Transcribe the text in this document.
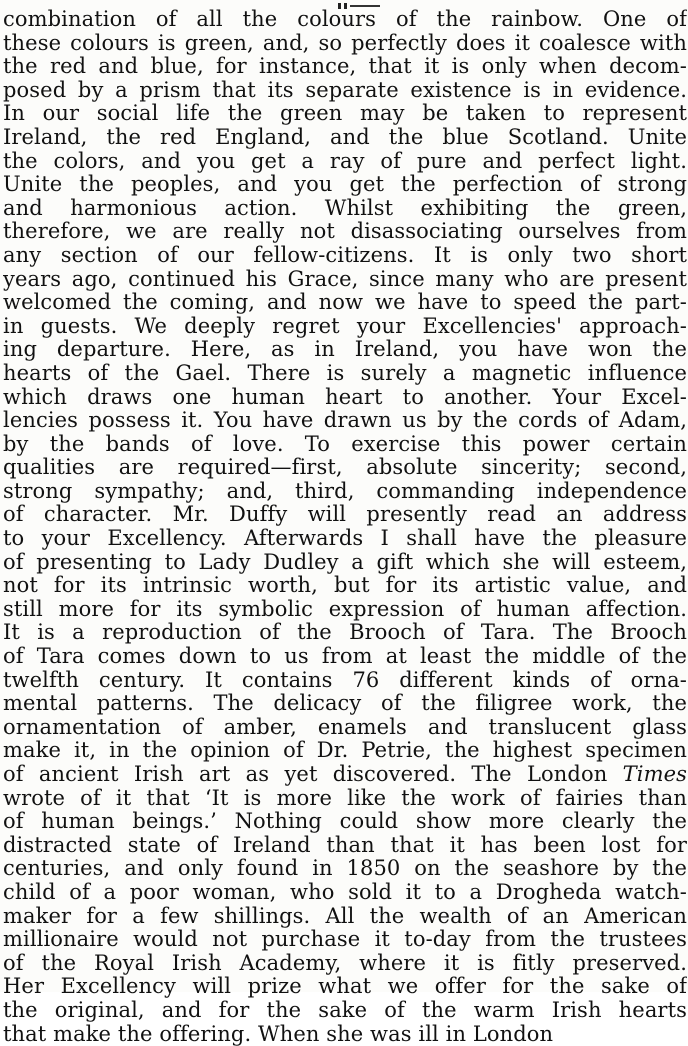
combination of all the colours of the rainbow. One of
these colours is green, and, so perfectly does it coalesce with
the red and blue, for instance, that it is only when decom-
posed by a prism that its separate existence is in evidence.
In our social life the green may be taken to represent
Ireland, the red England, and the blue Scotland. Unite
the colors, and you get a ray of pure and perfect light.
Unite the peoples, and you get the perfection of strong
and harmonious action. Whilst exhibiting the green,
therefore, we are really not disassociating ourselves from
any section of our fellow-citizens. It is only two short
years ago, continued his Grace, since many who are present
welcomed the coming, and now we have to speed the part-
in guests. We deeply regret your Excellencies' approach-
ing departure. Here, as in Ireland, you have won the
hearts of the Gael. There is surely a magnetic influence
which draws one human heart to another. Your Excel-
lencies possess it. You have drawn us by the cords of Adam,
by the bands of love. To exercise this power certain
qualities are required—first, absolute sincerity; second,
strong sympathy; and, third, commanding independence
of character. Mr. Duffy will presently read an address
to your Excellency. Afterwards I shall have the pleasure
of presenting to Lady Dudley a gift which she will esteem,
not for its intrinsic worth, but for its artistic value, and
still more for its symbolic expression of human affection.
It is a reproduction of the Brooch of Tara. The Brooch
of Tara comes down to us from at least the middle of the
twelfth century. It contains 76 different kinds of orna-
mental patterns. The delicacy of the filigree work, the
ornamentation of amber, enamels and translucent glass
make it, in the opinion of Dr. Petrie, the highest specimen
of ancient Irish art as yet discovered. The London Times
wrote of it that ‘It is more like the work of fairies than
of human beings.’ Nothing could show more clearly the
distracted state of Ireland than that it has been lost for
centuries, and only found in 1850 on the seashore by the
child of a poor woman, who sold it to a Drogheda watch-
maker for a few shillings. All the wealth of an American
millionaire would not purchase it to-day from the trustees
of the Royal Irish Academy, where it is fitly preserved.
Her Excellency will prize what we offer for the sake of
the original, and for the sake of the warm Irish hearts
that make the offering. When she was ill in London
